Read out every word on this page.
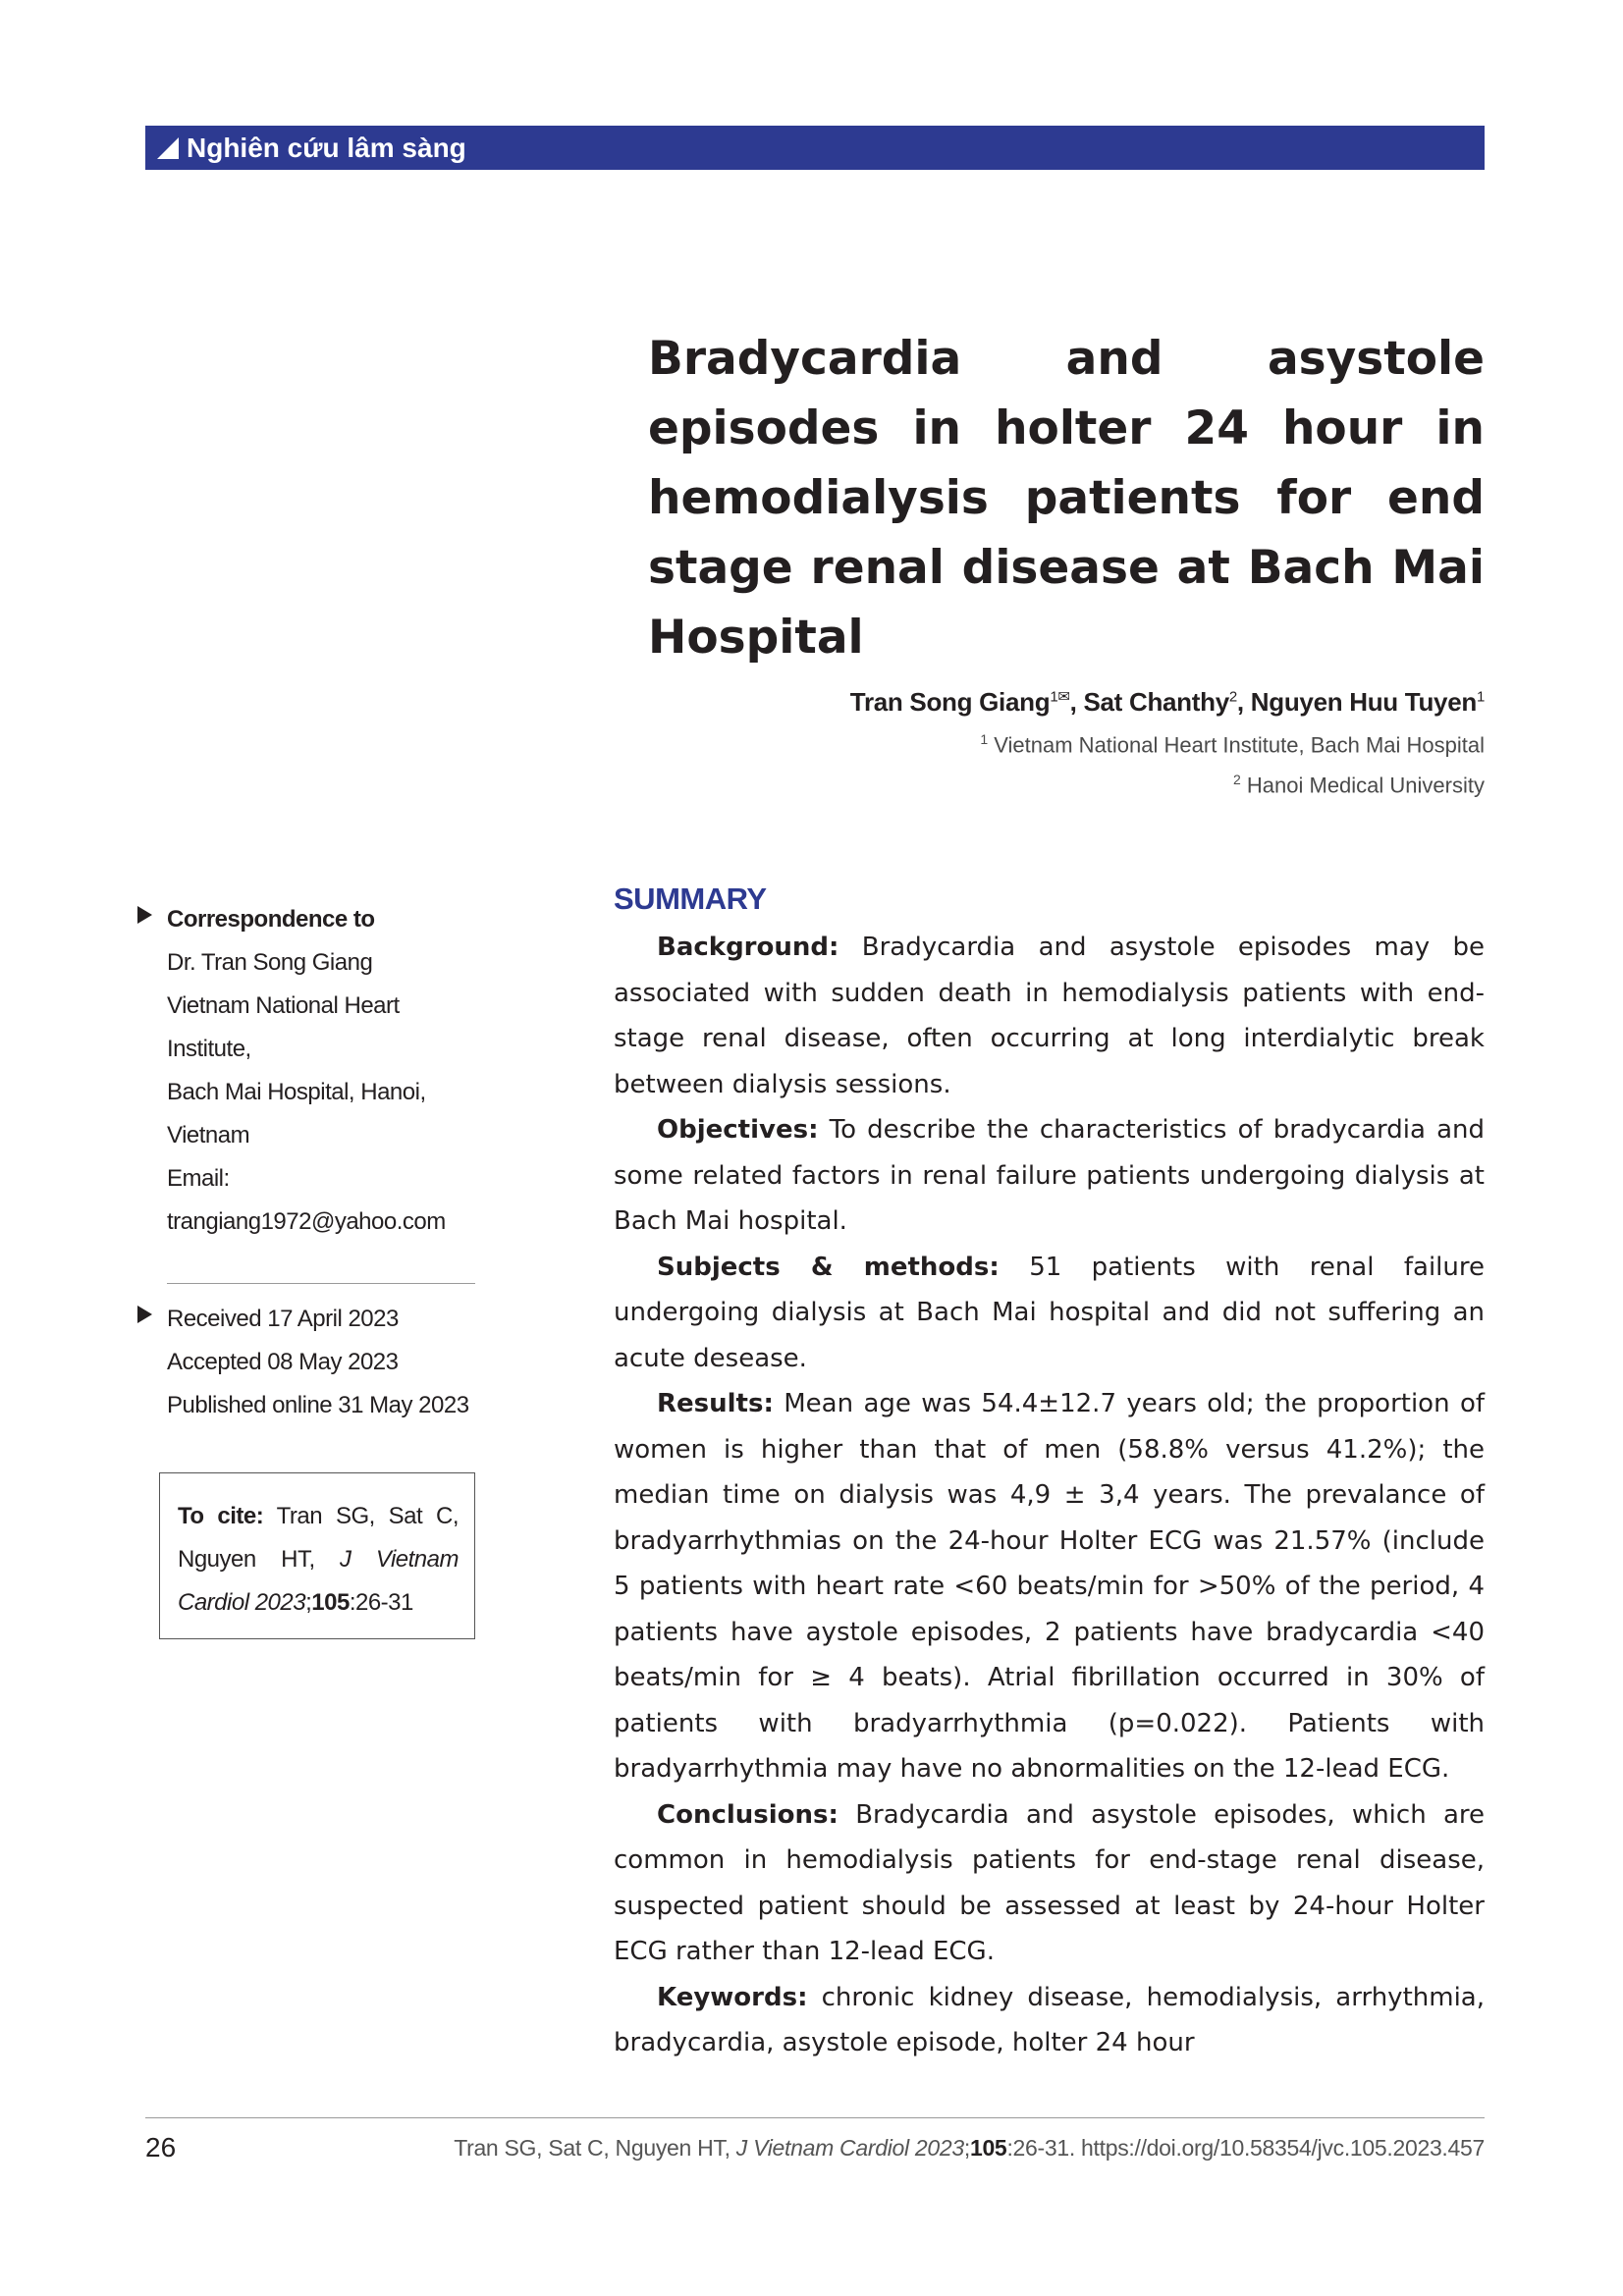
Nghiên cứu lâm sàng
Bradycardia and asystole episodes in holter 24 hour in hemodialysis patients for end stage renal disease at Bach Mai Hospital
Tran Song Giang$^{1✉}$, Sat Chanthy$^2$, Nguyen Huu Tuyen$^1$
$^1$ Vietnam National Heart Institute, Bach Mai Hospital
$^2$ Hanoi Medical University
Correspondence to
Dr. Tran Song Giang
Vietnam National Heart Institute,
Bach Mai Hospital, Hanoi, Vietnam
Email: trangiang1972@yahoo.com
Received 17 April 2023
Accepted 08 May 2023
Published online 31 May 2023
To cite: Tran SG, Sat C, Nguyen HT, J Vietnam Cardiol 2023;105:26-31
SUMMARY

Background: Bradycardia and asystole episodes may be associated with sudden death in hemodialysis patients with end-stage renal disease, often occurring at long interdialytic break between dialysis sessions.

Objectives: To describe the characteristics of bradycardia and some related factors in renal failure patients undergoing dialysis at Bach Mai hospital.

Subjects & methods: 51 patients with renal failure undergoing dialysis at Bach Mai hospital and did not suffering an acute desease.

Results: Mean age was 54.4±12.7 years old; the proportion of women is higher than that of men (58.8% versus 41.2%); the median time on dialysis was 4,9 ± 3,4 years. The prevalance of bradyarrhythmias on the 24-hour Holter ECG was 21.57% (include 5 patients with heart rate <60 beats/min for >50% of the period, 4 patients have aystole episodes, 2 patients have bradycardia <40 beats/min for ≥ 4 beats). Atrial fibrillation occurred in 30% of patients with bradyarrhythmia (p=0.022). Patients with bradyarrhythmia may have no abnormalities on the 12-lead ECG.

Conclusions: Bradycardia and asystole episodes, which are common in hemodialysis patients for end-stage renal disease, suspected patient should be assessed at least by 24-hour Holter ECG rather than 12-lead ECG.

Keywords: chronic kidney disease, hemodialysis, arrhythmia, bradycardia, asystole episode, holter 24 hour

26	Tran SG, Sat C, Nguyen HT, J Vietnam Cardiol 2023;105:26-31. https://doi.org/10.58354/jvc.105.2023.457
